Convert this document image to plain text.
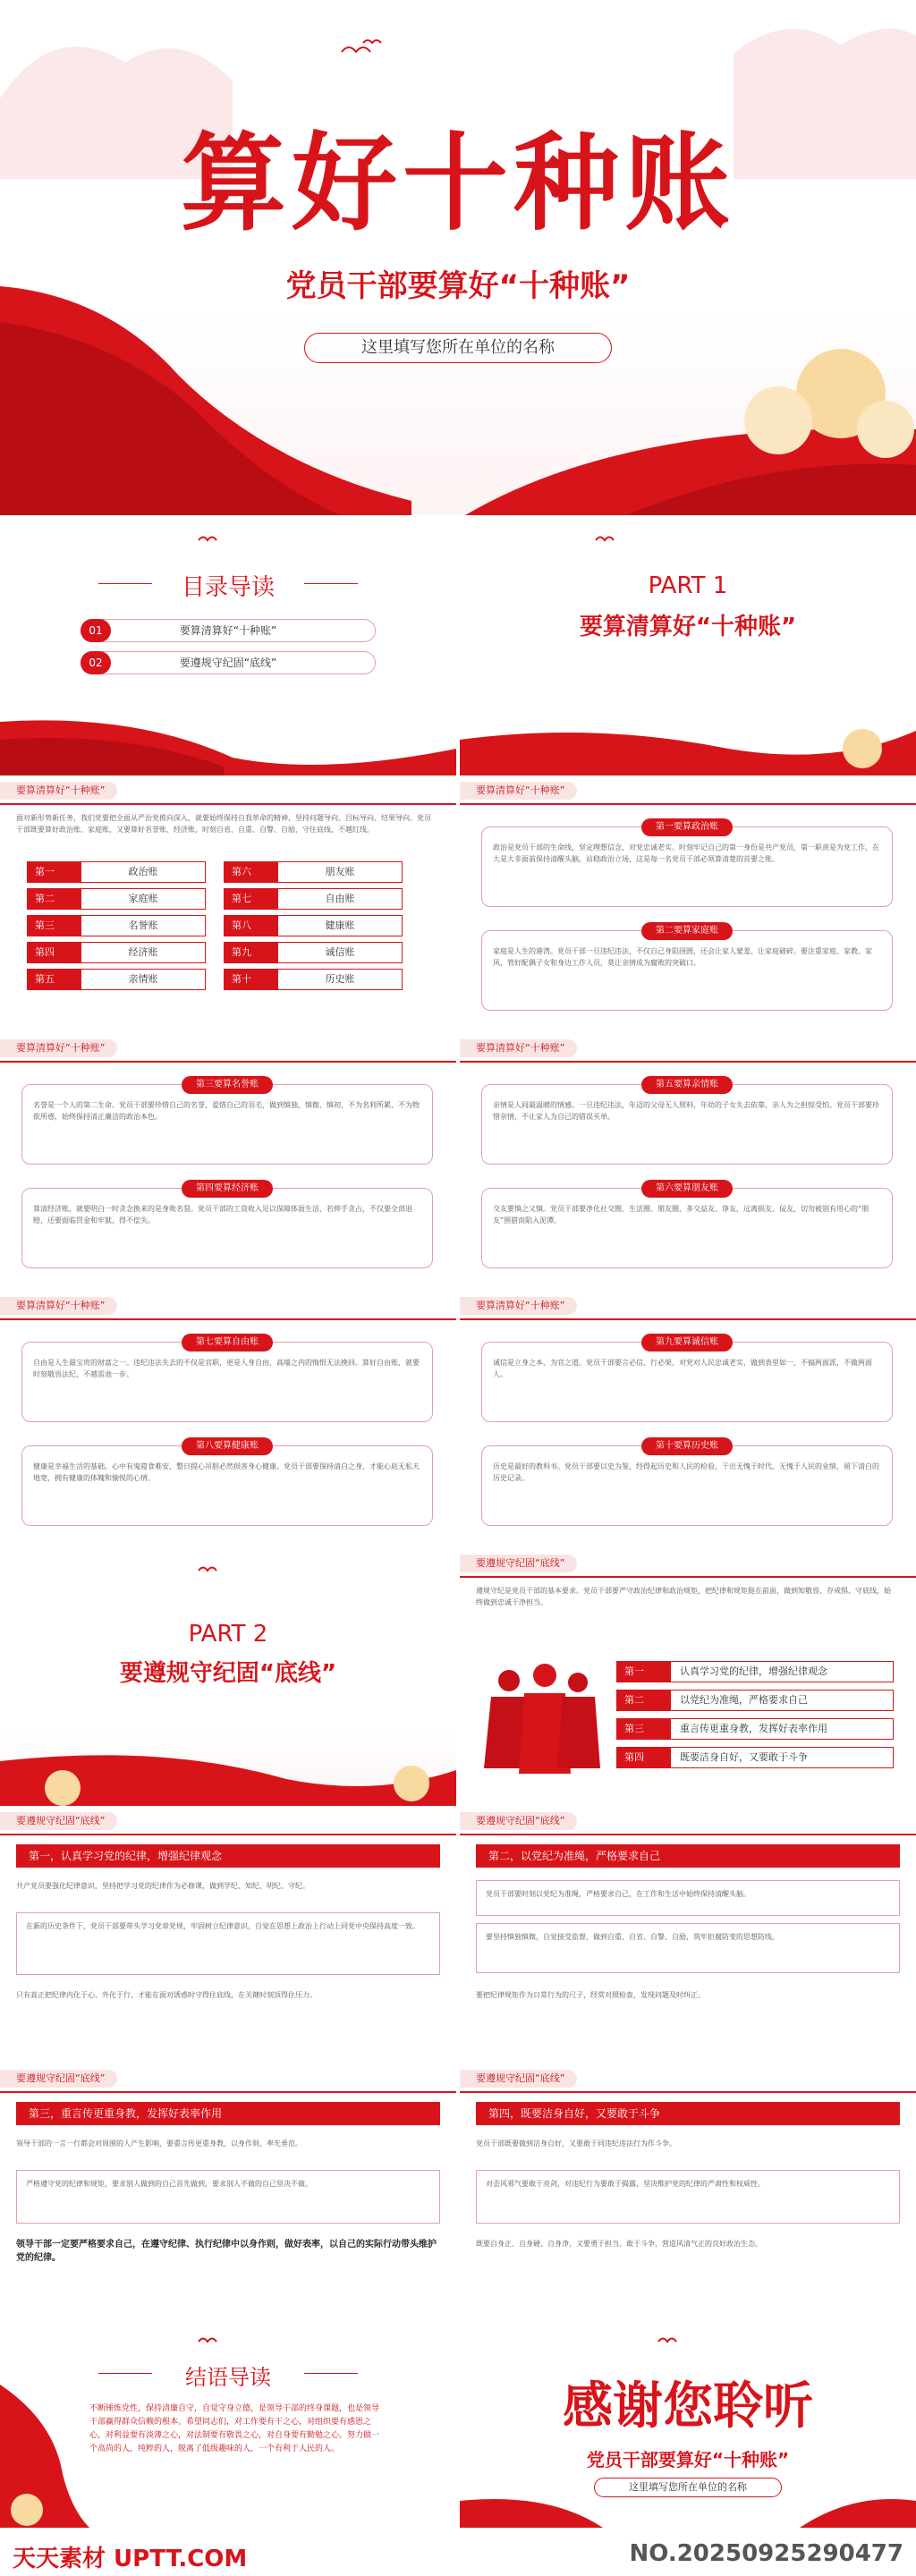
算好十种账
党员干部要算好“十种账”
这里填写您所在单位的名称
目录导读
01	要算清算好“十种账”
02	要遵规守纪固“底线”
PART 1
要算清算好“十种账”
要算清算好“十种账”
面对新形势新任务，我们党要把全面从严治党推向深入，就要始终保持自我革命的精神，坚持问题导向、目标导向、结果导向。党员干部既要算好政治账、家庭账，又要算好名誉账、经济账，时刻自省、自重、自警、自励，守住底线、不越红线。
第一	政治账
第二	家庭账
第三	名誉账
第四	经济账
第五	亲情账
第六	朋友账
第七	自由账
第八	健康账
第九	诚信账
第十	历史账
要算清算好“十种账”
第一要算政治账
政治是党员干部的生命线，坚定理想信念，对党忠诚老实。时刻牢记自己的第一身份是共产党员，第一职责是为党工作，在大是大非面前保持清醒头脑，站稳政治立场，这是每一名党员干部必须算清楚的首要之账。
第二要算家庭账
家庭是人生的港湾。党员干部一旦违纪违法，不仅自己身陷囹圄，还会让家人蒙羞、让家庭破碎。要注重家庭、家教、家风，管好配偶子女和身边工作人员，莫让亲情成为腐败的突破口。
要算清算好“十种账”
第三要算名誉账
名誉是一个人的第二生命。党员干部要珍惜自己的名誉，爱惜自己的羽毛，做到慎独、慎微、慎初，不为名利所累，不为物欲所惑，始终保持清正廉洁的政治本色。
第四要算经济账
算清经济账，就要明白一时贪念换来的是身败名裂。党员干部的工资收入足以保障体面生活，若伸手贪占，不仅要全部退赔，还要面临罚金和牢狱，得不偿失。
要算清算好“十种账”
第五要算亲情账
亲情是人间最温暖的情感。一旦违纪违法，年迈的父母无人照料，年幼的子女失去依靠，亲人为之担惊受怕。党员干部要珍惜亲情，不让家人为自己的错误买单。
第六要算朋友账
交友要慎之又慎。党员干部要净化社交圈、生活圈、朋友圈，多交益友、诤友，远离损友、佞友，切勿被别有用心的“朋友”围猎而陷入泥潭。
要算清算好“十种账”
第七要算自由账
自由是人生最宝贵的财富之一。违纪违法失去的不仅是官职，更是人身自由，高墙之内的悔恨无法挽回。算好自由账，就要时刻敬畏法纪，不越雷池一步。
第八要算健康账
健康是幸福生活的基础。心中有鬼寝食难安，整日提心吊胆必然损害身心健康。党员干部要保持清白之身，才能心底无私天地宽，拥有健康的体魄和愉悦的心情。
要算清算好“十种账”
第九要算诚信账
诚信是立身之本、为官之道。党员干部要言必信、行必果，对党对人民忠诚老实，做到表里如一，不搞两面派，不做两面人。
第十要算历史账
历史是最好的教科书。党员干部要以史为鉴，经得起历史和人民的检验，干出无愧于时代、无愧于人民的业绩，留下清白的历史记录。
PART 2
要遵规守纪固“底线”
要遵规守纪固“底线”
遵规守纪是党员干部的基本要求。党员干部要严守政治纪律和政治规矩，把纪律和规矩挺在前面，做到知敬畏、存戒惧、守底线，始终做到忠诚干净担当。
第一	认真学习党的纪律，增强纪律观念
第二	以党纪为准绳，严格要求自己
第三	重言传更重身教，发挥好表率作用
第四	既要洁身自好，又要敢于斗争
要遵规守纪固“底线”
第一，认真学习党的纪律，增强纪律观念
共产党员要强化纪律意识，坚持把学习党的纪律作为必修课，做到学纪、知纪、明纪、守纪。
在新的历史条件下，党员干部要带头学习党章党规，牢固树立纪律意识，自觉在思想上政治上行动上同党中央保持高度一致。
只有真正把纪律内化于心、外化于行，才能在面对诱惑时守得住底线，在关键时刻顶得住压力。
要遵规守纪固“底线”
第二，以党纪为准绳，严格要求自己
党员干部要时刻以党纪为准绳，严格要求自己，在工作和生活中始终保持清醒头脑。
要坚持慎独慎微，自觉接受监督，做到自重、自省、自警、自励，筑牢拒腐防变的思想防线。
要把纪律规矩作为日常行为的尺子，经常对照检查，发现问题及时纠正。
要遵规守纪固“底线”
第三，重言传更重身教，发挥好表率作用
领导干部的一言一行都会对周围的人产生影响，要重言传更重身教，以身作则、率先垂范。
严格遵守党的纪律和规矩，要求别人做到的自己首先做到，要求别人不做的自己坚决不做。
领导干部一定要严格要求自己，在遵守纪律、执行纪律中以身作则，做好表率，以自己的实际行动带头维护党的纪律。
要遵规守纪固“底线”
第四，既要洁身自好，又要敢于斗争
党员干部既要做到洁身自好，又要敢于同违纪违法行为作斗争。
对歪风邪气要敢于亮剑，对违纪行为要敢于揭露，坚决维护党的纪律的严肃性和权威性。
既要自身正、自身硬、自身净，又要勇于担当、敢于斗争，营造风清气正的良好政治生态。
结语导读
不断锤炼党性，保持清廉自守，自觉守身立德，是领导干部的终身课题，也是领导干部赢得群众信赖的根本。希望同志们，对工作要有干之心，对组织要有感恩之心，对利益要有淡薄之心，对法制要有敬畏之心，对自身要有勤勉之心。努力做一个高尚的人，纯粹的人，脱离了低级趣味的人，一个有利于人民的人。
感谢您聆听
党员干部要算好“十种账”
这里填写您所在单位的名称
天天素材 UPTT.COM	NO.20250925290477
